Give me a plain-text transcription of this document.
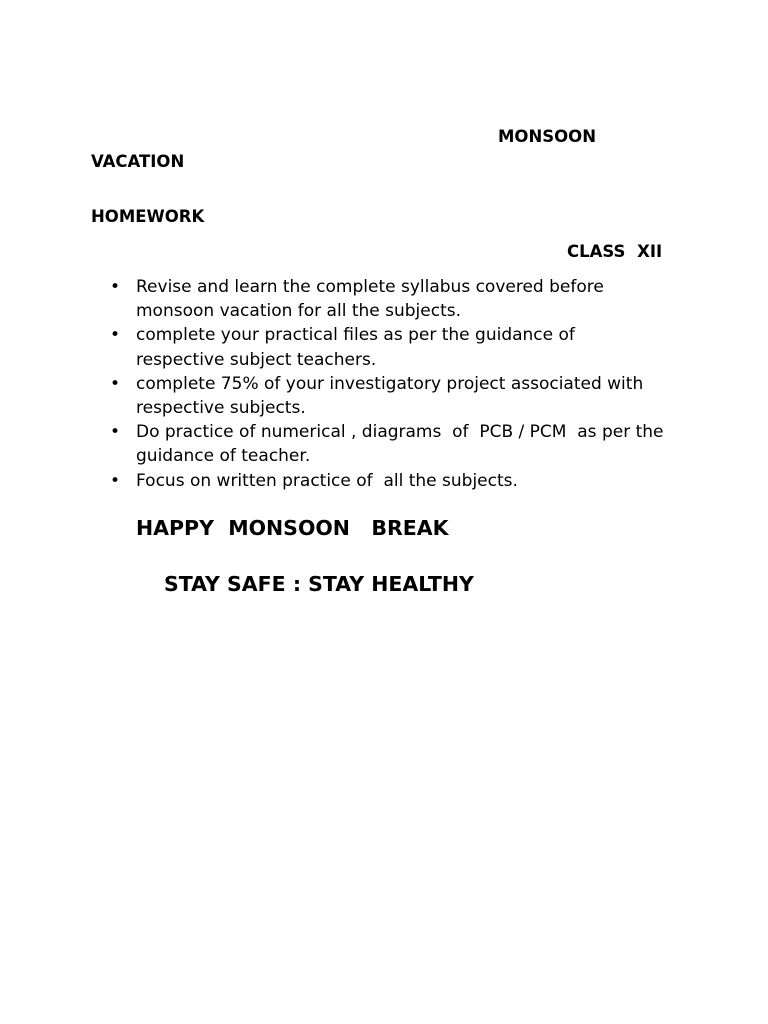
MONSOON

VACATION

HOMEWORK

CLASS XII

• Revise and learn the complete syllabus covered before monsoon vacation for all the subjects.
• complete your practical files as per the guidance of respective subject teachers.
• complete 75% of your investigatory project associated with respective subjects.
• Do practice of numerical , diagrams  of  PCB / PCM  as per the guidance of teacher.
• Focus on written practice of  all the subjects.

HAPPY  MONSOON   BREAK

STAY SAFE : STAY HEALTHY
